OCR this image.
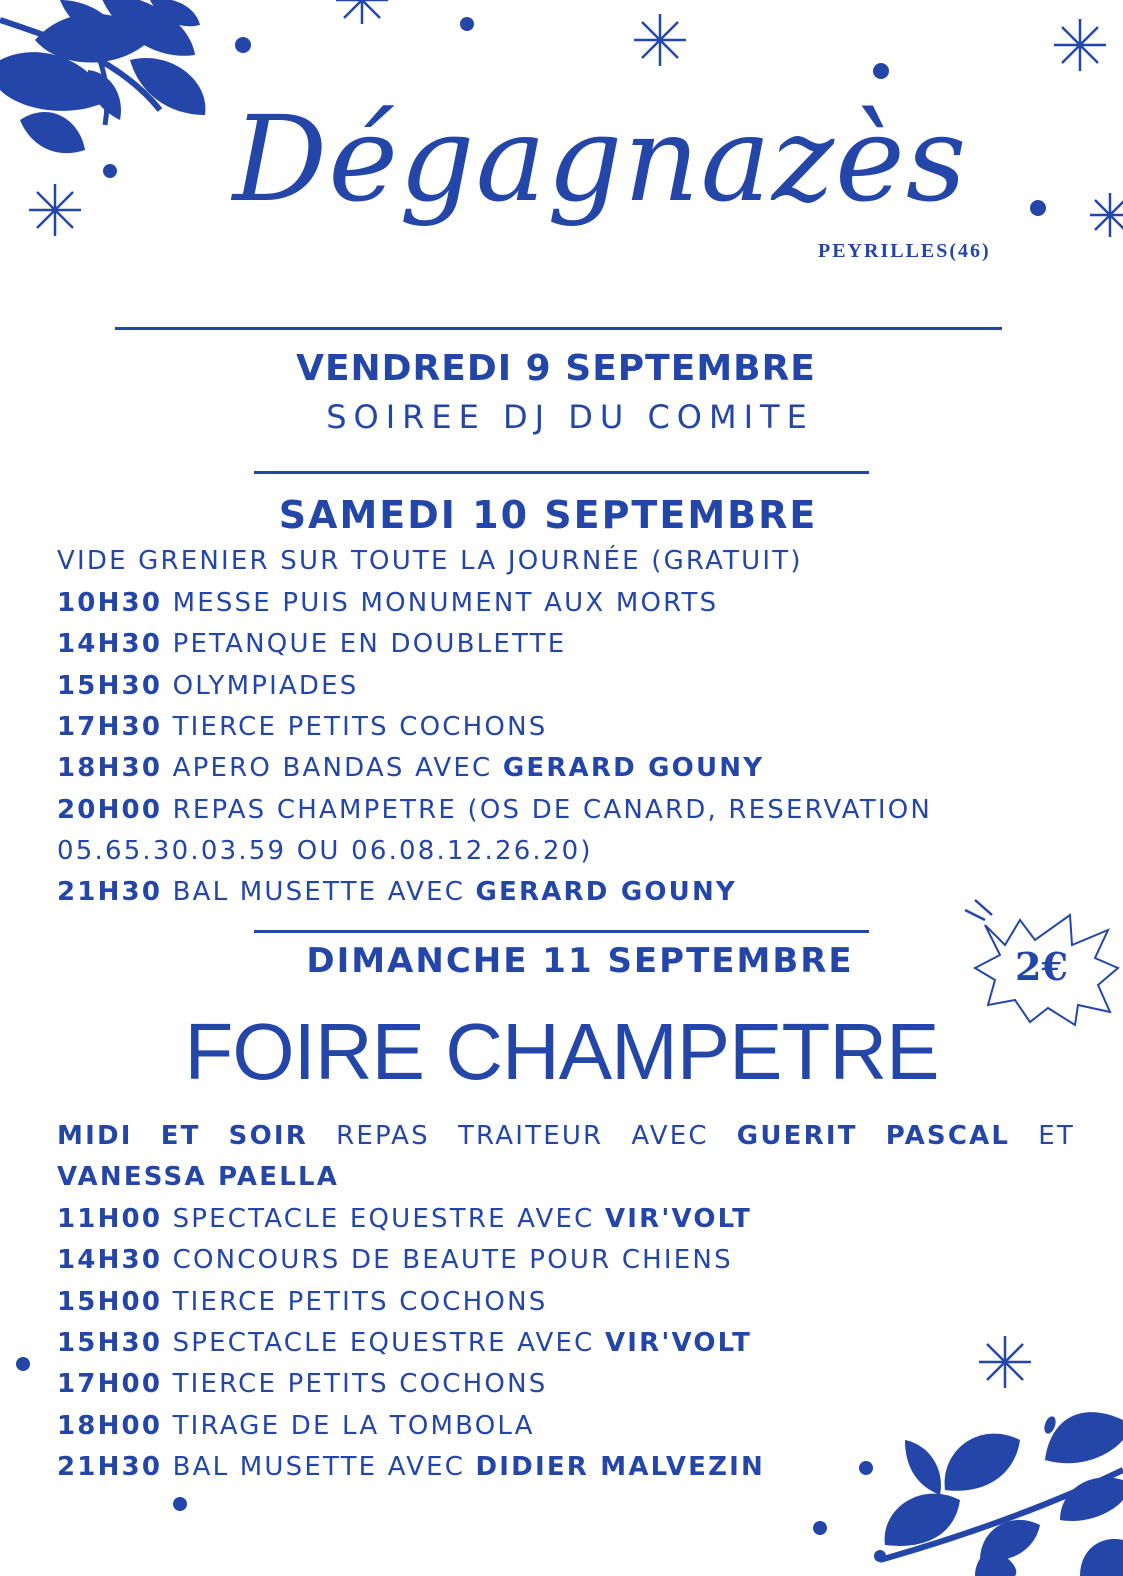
Dégagnazès
PEYRILLES(46)
VENDREDI 9 SEPTEMBRE
SOIREE DJ DU COMITE
SAMEDI 10 SEPTEMBRE
VIDE GRENIER SUR TOUTE LA JOURNÉE (GRATUIT)
10H30 MESSE PUIS MONUMENT AUX MORTS
14H30 PETANQUE EN DOUBLETTE
15H30 OLYMPIADES
17H30 TIERCE PETITS COCHONS
18H30 APERO BANDAS AVEC GERARD GOUNY
20H00 REPAS CHAMPETRE (OS DE CANARD, RESERVATION
05.65.30.03.59 OU 06.08.12.26.20)
21H30 BAL MUSETTE AVEC GERARD GOUNY
DIMANCHE 11 SEPTEMBRE	2€
FOIRE CHAMPETRE
MIDI ET SOIR REPAS TRAITEUR AVEC GUERIT PASCAL ET
VANESSA PAELLA
11H00 SPECTACLE EQUESTRE AVEC VIR'VOLT
14H30 CONCOURS DE BEAUTE POUR CHIENS
15H00 TIERCE PETITS COCHONS
15H30 SPECTACLE EQUESTRE AVEC VIR'VOLT
17H00 TIERCE PETITS COCHONS
18H00 TIRAGE DE LA TOMBOLA
21H30 BAL MUSETTE AVEC DIDIER MALVEZIN
